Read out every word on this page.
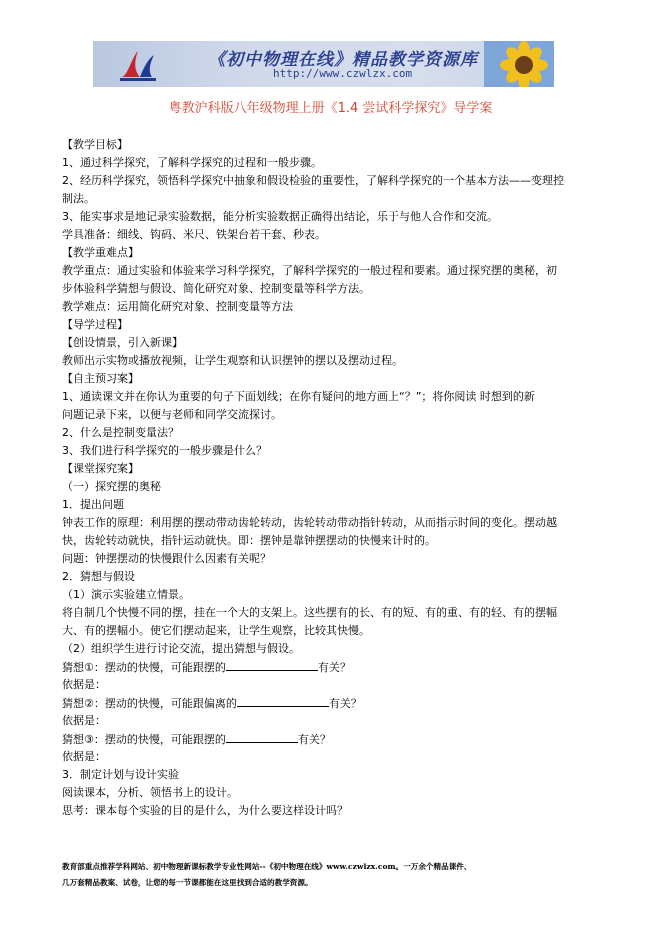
《初中物理在线》精品教学资源库
http://www.czwlzx.com
粤教沪科版八年级物理上册《1.4 尝试科学探究》导学案
【教学目标】
1、通过科学探究，了解科学探究的过程和一般步骤。
2、经历科学探究，领悟科学探究中抽象和假设检验的重要性，了解科学探究的一个基本方法——变理控
制法。
3、能实事求是地记录实验数据，能分析实验数据正确得出结论，乐于与他人合作和交流。
学具准备：细线、钩码、米尺、铁架台若干套、秒表。
【教学重难点】
教学重点：通过实验和体验来学习科学探究，了解科学探究的一般过程和要素。通过探究摆的奥秘，初
步体验科学猜想与假设、简化研究对象、控制变量等科学方法。
教学难点：运用简化研究对象、控制变量等方法
【导学过程】
【创设情景，引入新课】
教师出示实物或播放视频，让学生观察和认识摆钟的摆以及摆动过程。
【自主预习案】
1、通读课文并在你认为重要的句子下面划线；在你有疑问的地方画上“？”；将你阅读 时想到的新
问题记录下来，以便与老师和同学交流探讨。
2、什么是控制变量法？
3、我们进行科学探究的一般步骤是什么？
【课堂探究案】
（一）探究摆的奥秘
1．提出问题
钟表工作的原理：利用摆的摆动带动齿轮转动，齿轮转动带动指针转动，从而指示时间的变化。摆动越
快，齿轮转动就快，指针运动就快。即：摆钟是靠钟摆摆动的快慢来计时的。
问题：钟摆摆动的快慢跟什么因素有关呢？
2．猜想与假设
（1）演示实验建立情景。
将自制几个快慢不同的摆，挂在一个大的支架上。这些摆有的长、有的短、有的重、有的轻、有的摆幅
大、有的摆幅小。使它们摆动起来，让学生观察，比较其快慢。
（2）组织学生进行讨论交流，提出猜想与假设。
猜想①：摆动的快慢，可能跟摆的	有关？
依据是：
猜想②：摆动的快慢，可能跟偏离的	有关？
依据是：
猜想③：摆动的快慢，可能跟摆的	有关？
依据是：
3．制定计划与设计实验
阅读课本，分析、领悟书上的设计。
思考：课本每个实验的目的是什么，为什么要这样设计吗？
教育部重点推荐学科网站、初中物理新课标教学专业性网站--《初中物理在线》www.czwlzx.com。一万余个精品课件、
几万套精品教案、试卷，让您的每一节课都能在这里找到合适的教学资源。
